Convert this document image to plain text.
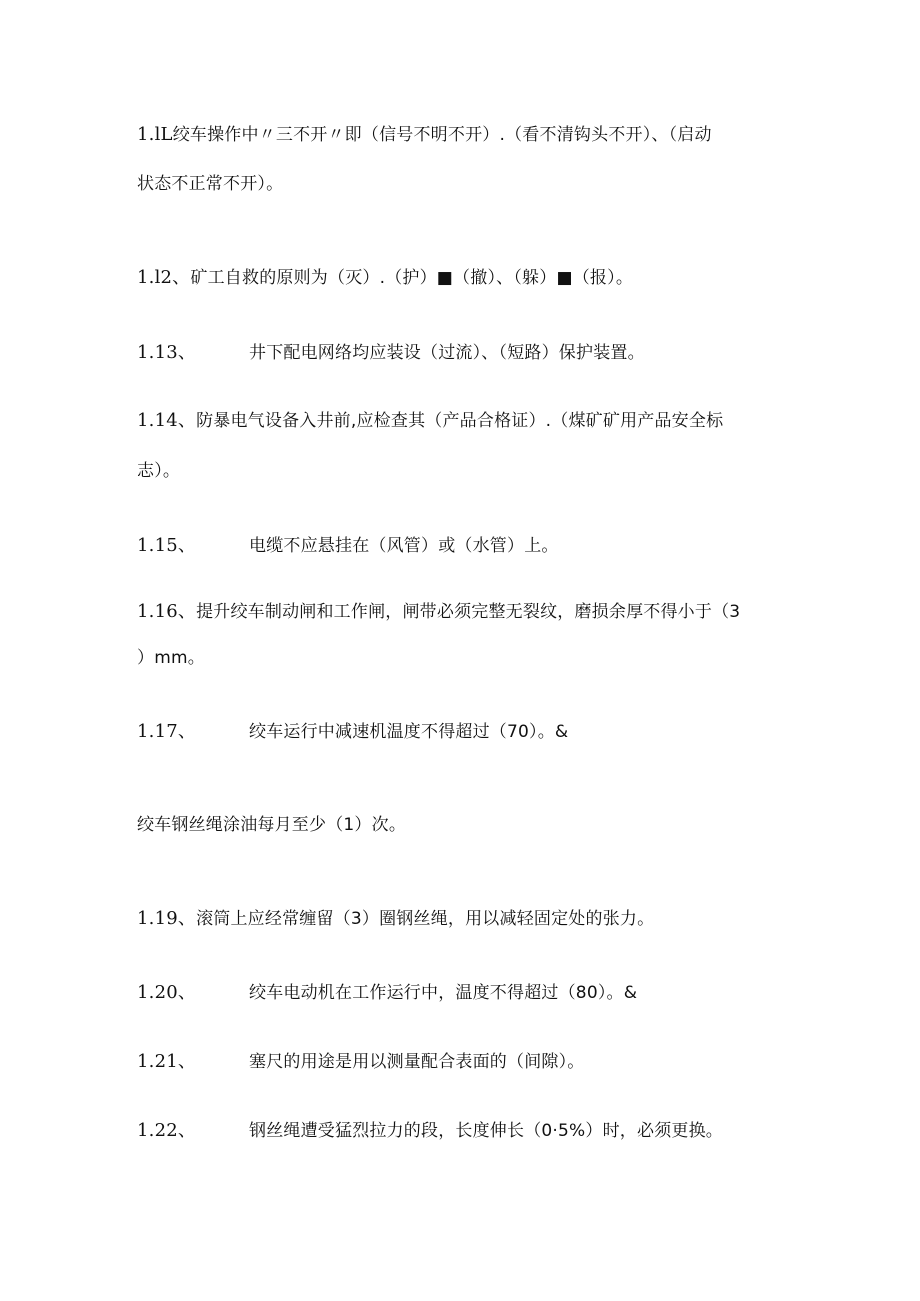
1.lL绞车操作中〃三不开〃即（信号不明不开）.（看不清钩头不开）、（启动
状态不正常不开）。
1.l2、矿工自救的原则为（灭）.（护）■（撤）、（躲）■（报）。
1.13、	井下配电网络均应装设（过流）、（短路）保护装置。
1.14、防暴电气设备入井前,应检查其（产品合格证）.（煤矿矿用产品安全标
志）。
1.15、	电缆不应悬挂在（风管）或（水管）上。
1.16、提升绞车制动闸和工作闸，闸带必须完整无裂纹，磨损余厚不得小于（3
）mm。
1.17、	绞车运行中减速机温度不得超过（70）。&
绞车钢丝绳涂油每月至少（1）次。
1.19、滚筒上应经常缠留（3）圈钢丝绳，用以减轻固定处的张力。
1.20、	绞车电动机在工作运行中，温度不得超过（80）。&
1.21、	塞尺的用途是用以测量配合表面的（间隙）。
1.22、	钢丝绳遭受猛烈拉力的段，长度伸长（0·5%）时，必须更换。
